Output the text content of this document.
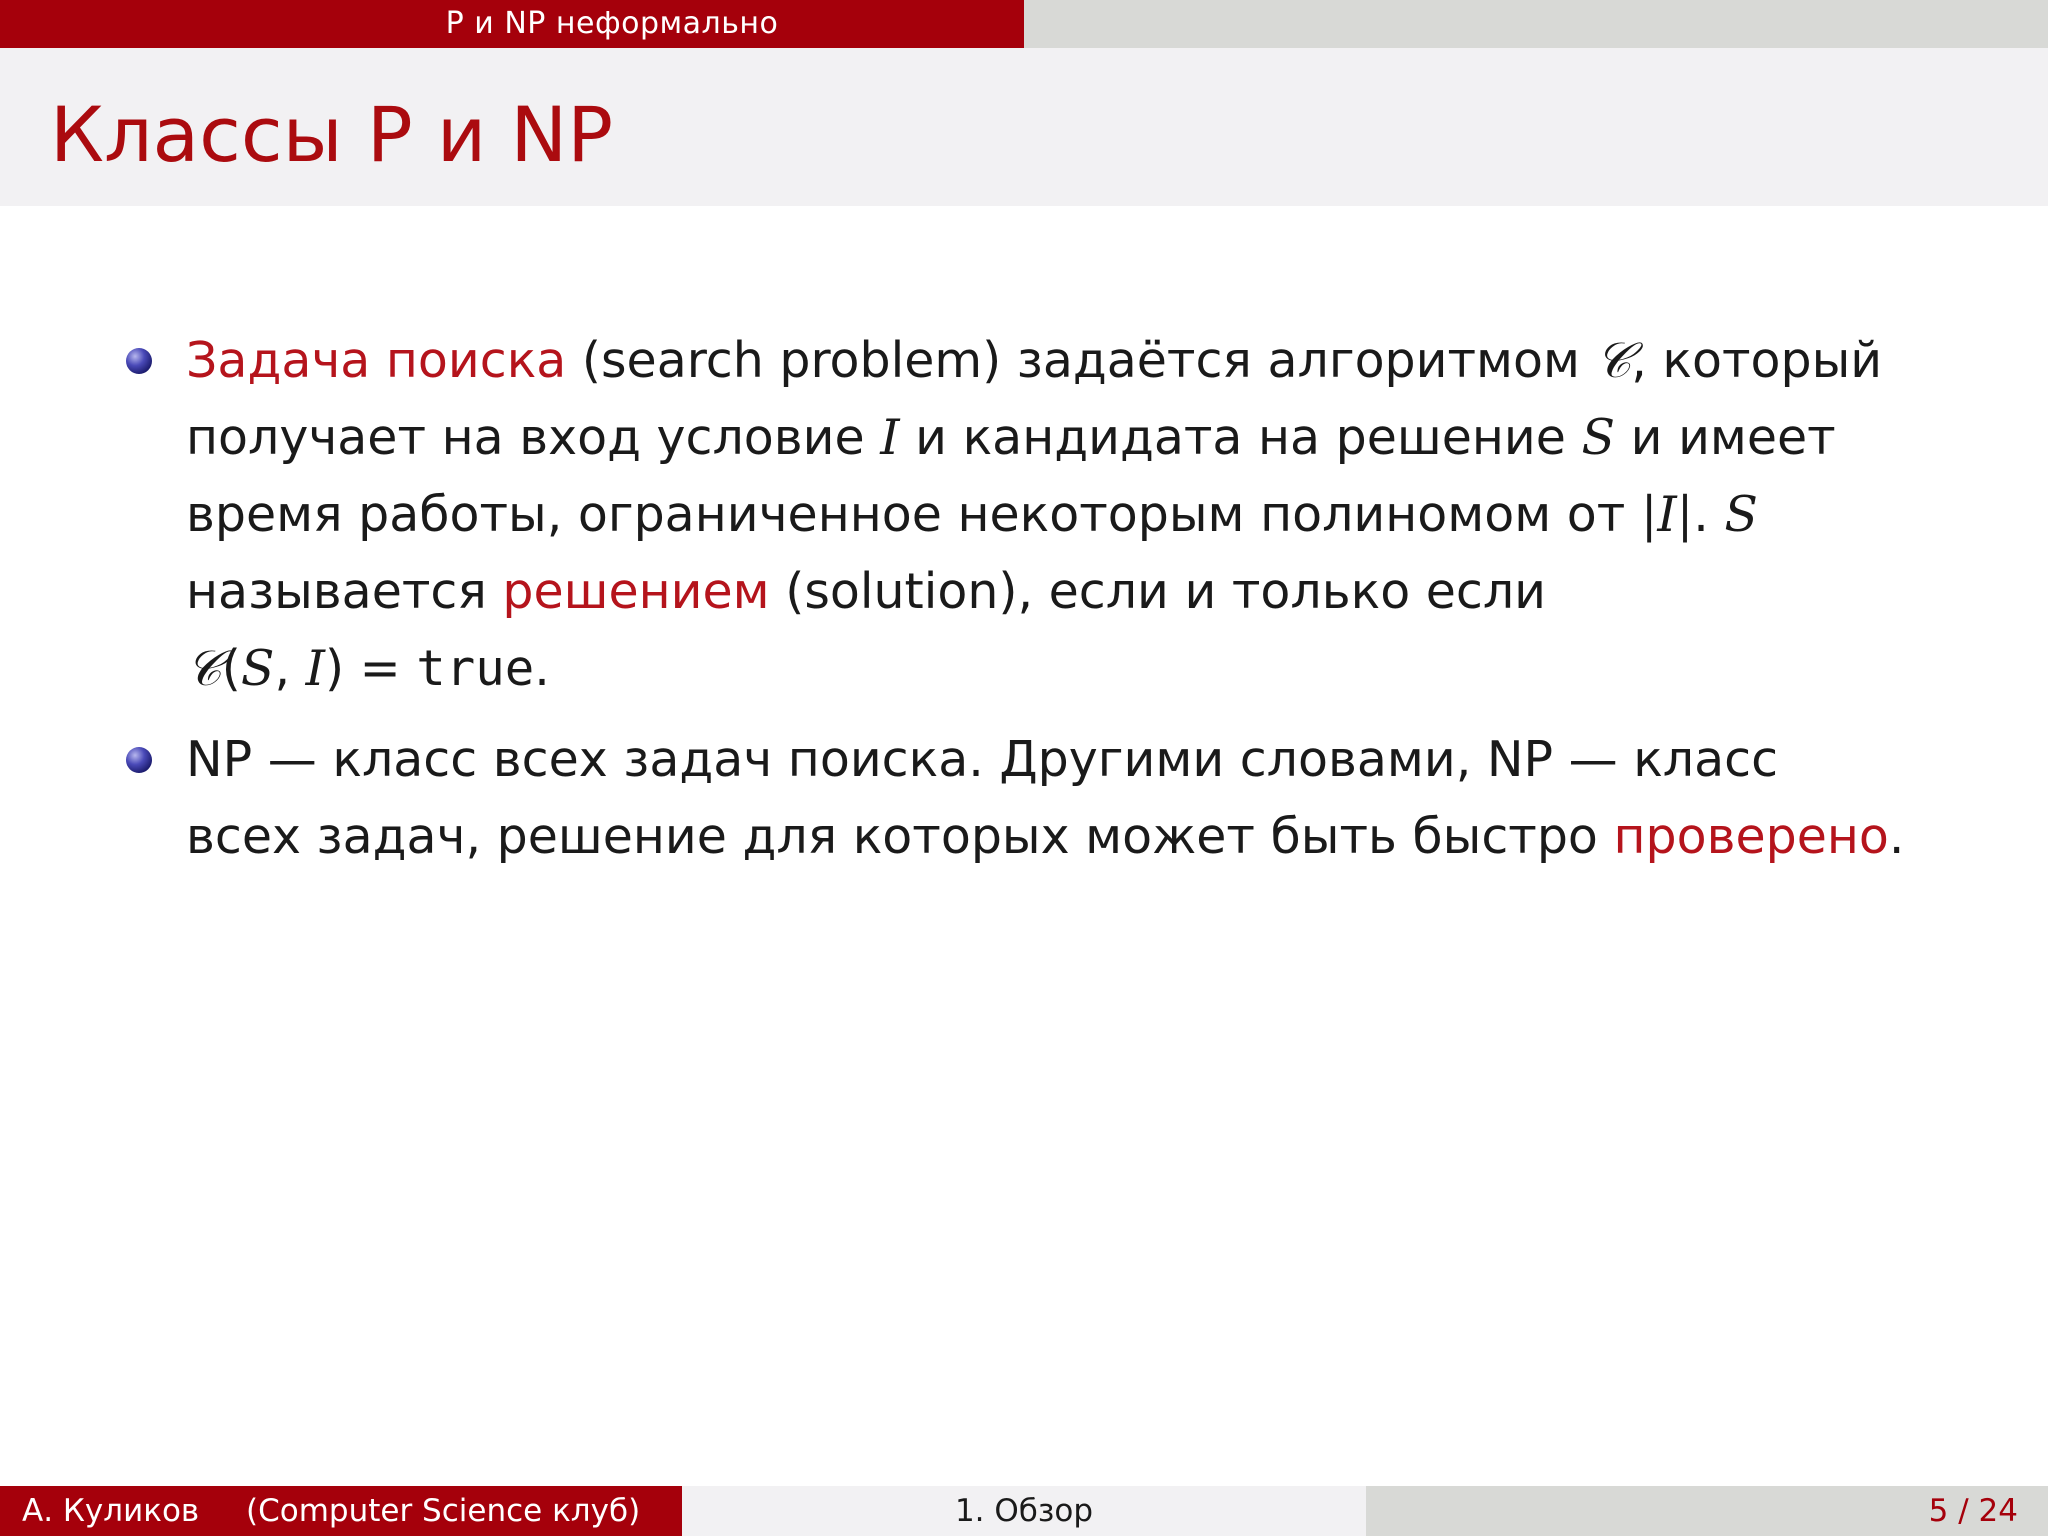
P и NP неформально
Классы P и NP
Задача поиска (search problem) задаётся алгоритмом 𝒞, который
получает на вход условие I и кандидата на решение S и имеет
время работы, ограниченное некоторым полиномом от |I|. S
называется решением (solution), если и только если
𝒞(S, I) = true.
NP — класс всех задач поиска. Другими словами, NP — класс
всех задач, решение для которых может быть быстро проверено.
А. Куликов (Computer Science клуб)	1. Обзор	5 / 24
